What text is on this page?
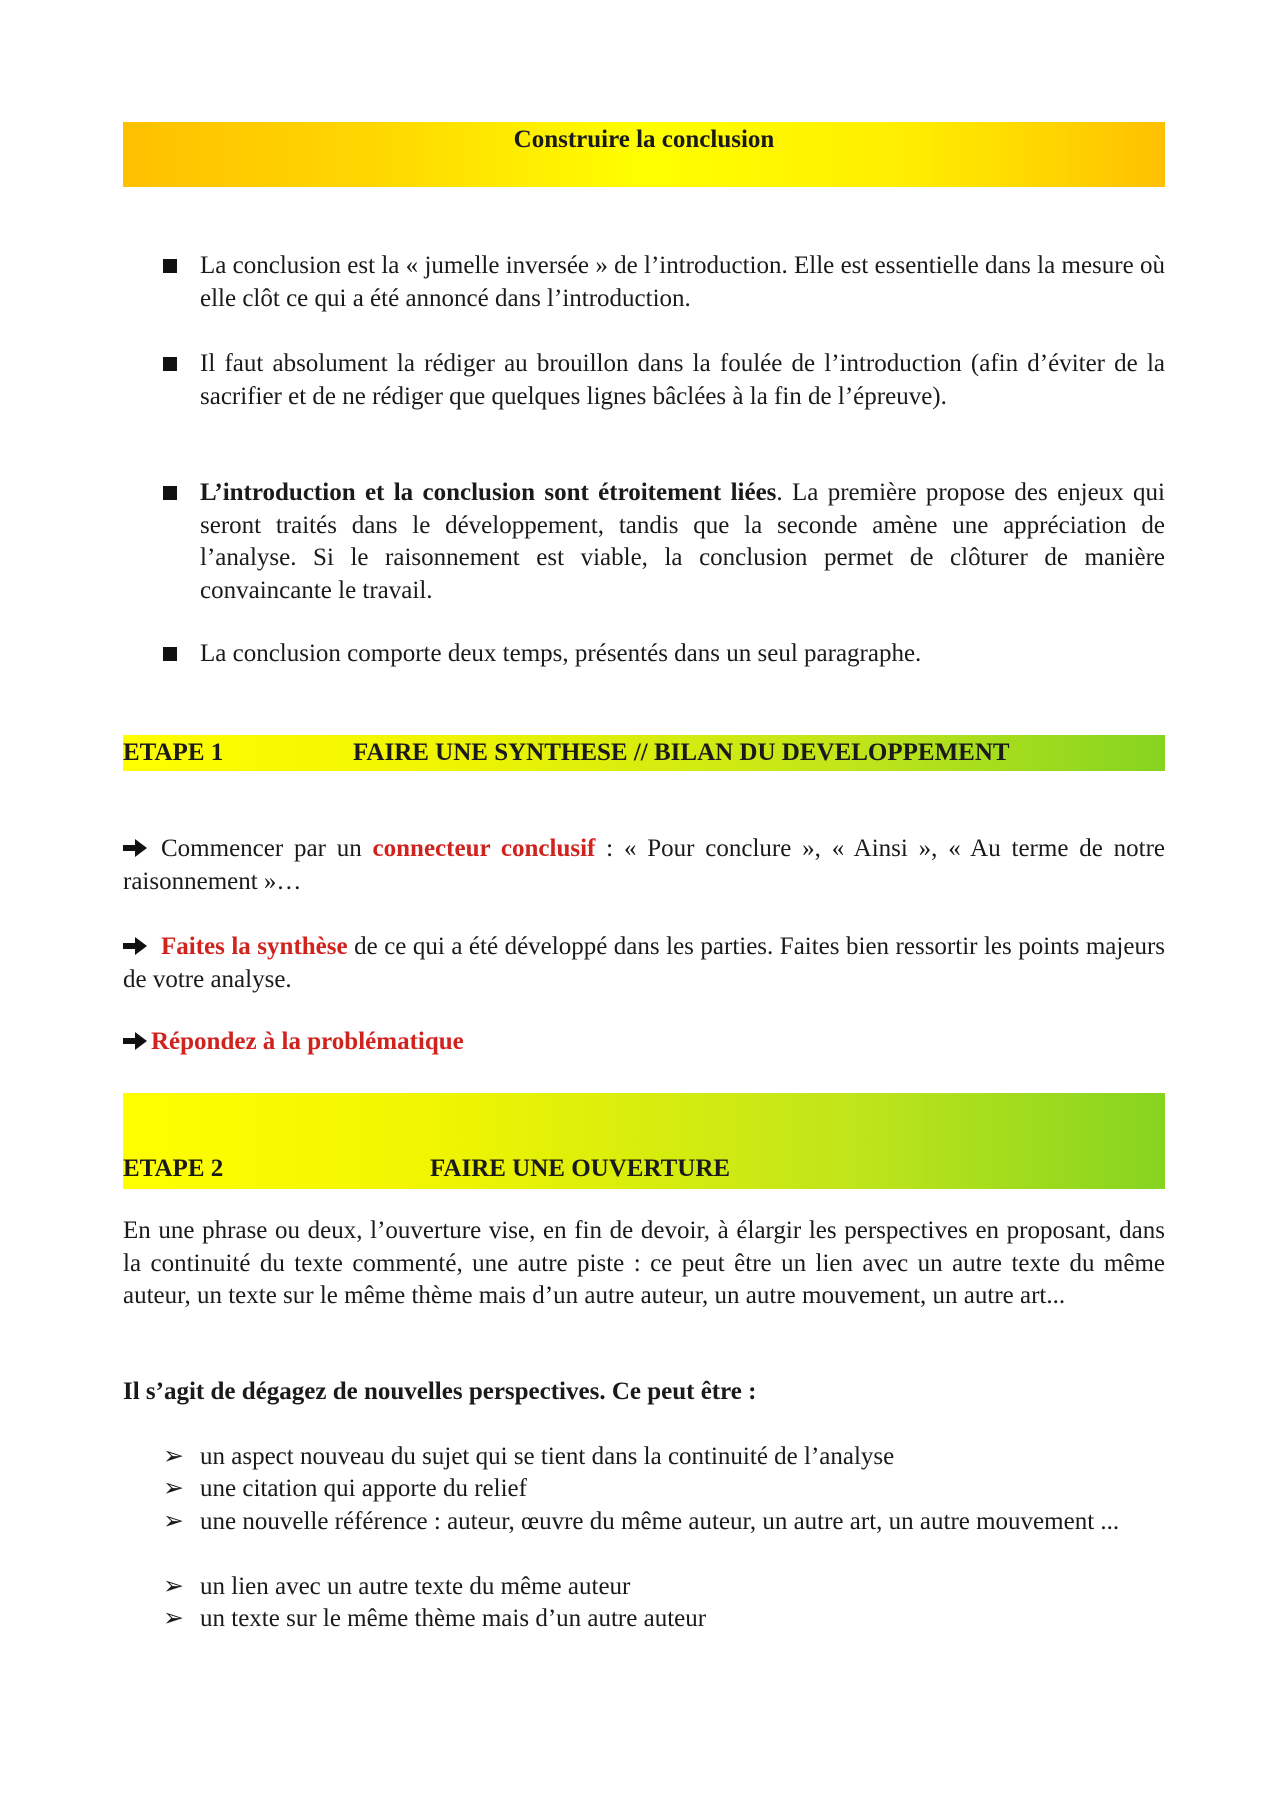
Construire la conclusion
La conclusion est la « jumelle inversée » de l’introduction. Elle est essentielle dans la mesure où elle clôt ce qui a été annoncé dans l’introduction.
Il faut absolument la rédiger au brouillon dans la foulée de l’introduction (afin d’éviter de la sacrifier et de ne rédiger que quelques lignes bâclées à la fin de l’épreuve).
L’introduction et la conclusion sont étroitement liées. La première propose des enjeux qui seront traités dans le développement, tandis que la seconde amène une appréciation de l’analyse. Si le raisonnement est viable, la conclusion permet de clôturer de manière convaincante le travail.
La conclusion comporte deux temps, présentés dans un seul paragraphe.
ETAPE 1	FAIRE UNE SYNTHESE // BILAN DU DEVELOPPEMENT
Commencer par un connecteur conclusif : « Pour conclure », « Ainsi », « Au terme de notre raisonnement »…
Faites la synthèse de ce qui a été développé dans les parties. Faites bien ressortir les points majeurs de votre analyse.
Répondez à la problématique
ETAPE 2	FAIRE UNE OUVERTURE
En une phrase ou deux, l’ouverture vise, en fin de devoir, à élargir les perspectives en proposant, dans la continuité du texte commenté, une autre piste : ce peut être un lien avec un autre texte du même auteur, un texte sur le même thème mais d’un autre auteur, un autre mouvement, un autre art...
Il s’agit de dégagez de nouvelles perspectives. Ce peut être :
➢ un aspect nouveau du sujet qui se tient dans la continuité de l’analyse
➢ une citation qui apporte du relief
➢ une nouvelle référence : auteur, œuvre du même auteur, un autre art, un autre mouvement ...
➢ un lien avec un autre texte du même auteur
➢ un texte sur le même thème mais d’un autre auteur
